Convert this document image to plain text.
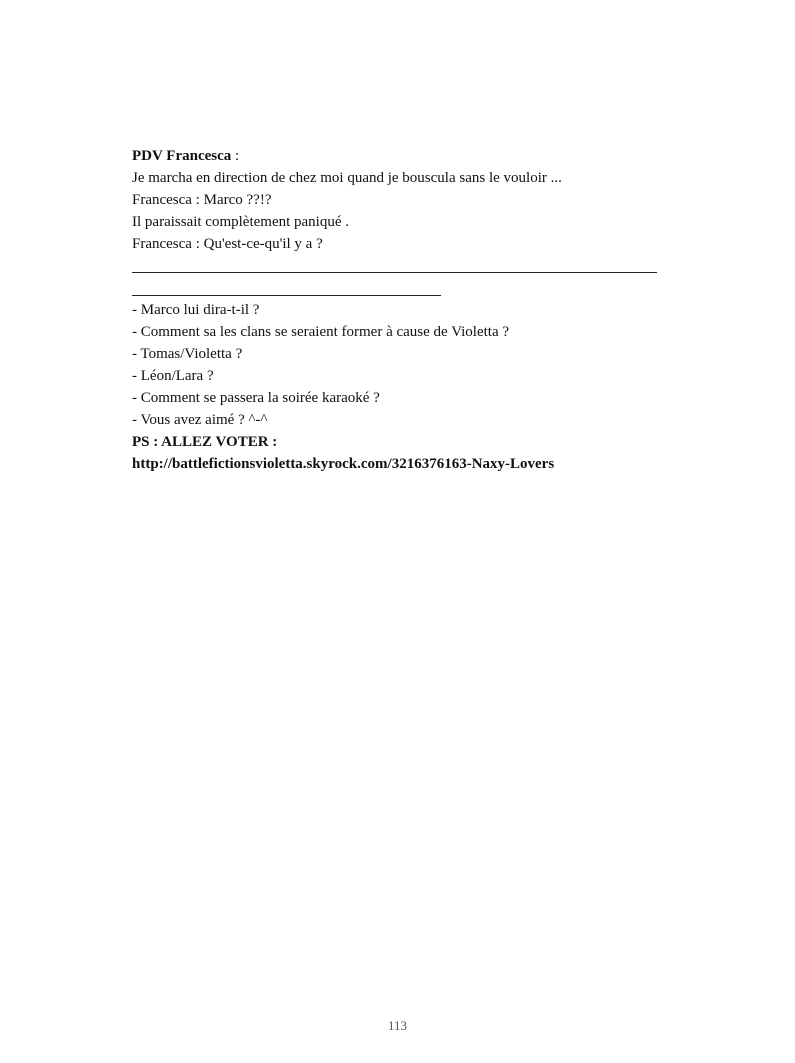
PDV Francesca :
Je marcha en direction de chez moi quand je bouscula sans le vouloir ...
Francesca : Marco ??!?
Il paraissait complètement paniqué .
Francesca : Qu'est-ce-qu'il y a ?
- Marco lui dira-t-il ?
- Comment sa les clans se seraient former à cause de Violetta ?
- Tomas/Violetta ?
- Léon/Lara ?
- Comment se passera la soirée karaoké ?
- Vous avez aimé ? ^-^
PS : ALLEZ VOTER :
http://battlefictionsvioletta.skyrock.com/3216376163-Naxy-Lovers
113
